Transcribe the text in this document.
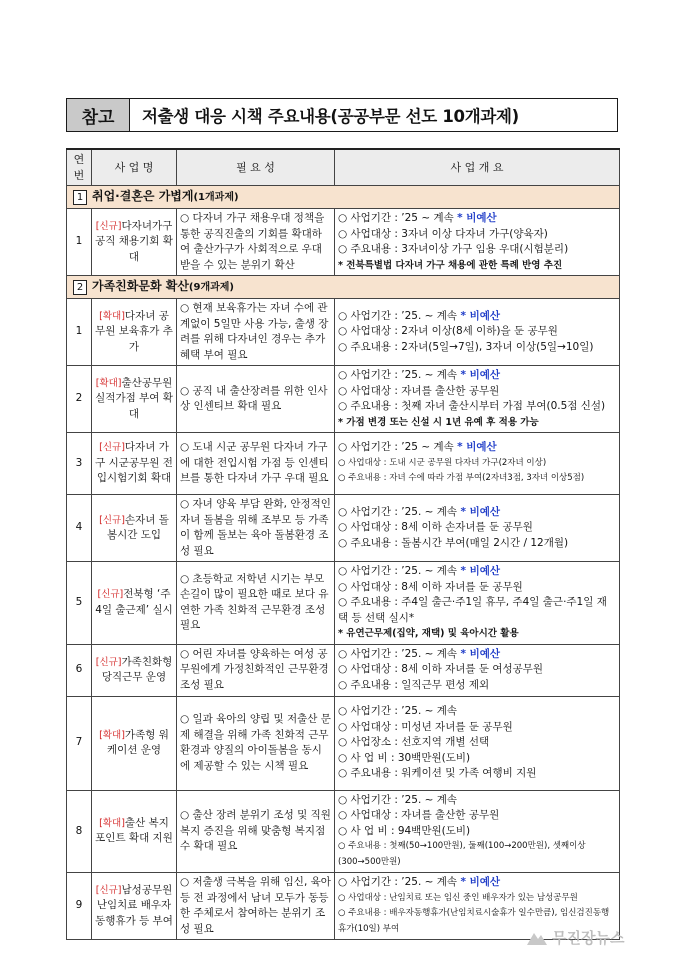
참고	저출생 대응 시책 주요내용(공공부문 선도 10개과제)
연번	사 업 명	필 요 성	사 업 개 요
1 취업·결혼은 가볍게(1개과제)			
1	[신규]다자녀가구 공직 채용기회 확대	○ 다자녀 가구 채용우대 정책을 통한 공직진출의 기회를 확대하여 출산가구가 사회적으로 우대받을 수 있는 분위기 확산	○ 사업기간 : ’25 ~ 계속 * 비예산
○ 사업대상 : 3자녀 이상 다자녀 가구(양육자)
○ 주요내용 : 3자녀이상 가구 임용 우대(시험분리)
* 전북특별법 다자녀 가구 채용에 관한 특례 반영 추진

2 가족친화문화 확산(9개과제)			
1	[확대]다자녀 공무원 보육휴가 추가	○ 현재 보육휴가는 자녀 수에 관계없이 5일만 사용 가능, 출생 장려를 위해 다자녀인 경우는 추가혜택 부여 필요	○ 사업기간 : ’25. ~ 계속 * 비예산
○ 사업대상 : 2자녀 이상(8세 이하)을 둔 공무원
○ 주요내용 : 2자녀(5일→7일), 3자녀 이상(5일→10일)

2	[확대]출산공무원 실적가점 부여 확대	○ 공직 내 출산장려를 위한 인사상 인센티브 확대 필요	○ 사업기간 : ’25. ~ 계속 * 비예산
○ 사업대상 : 자녀를 출산한 공무원
○ 주요내용 : 첫째 자녀 출산시부터 가점 부여(0.5점 신설)
* 가점 변경 또는 신설 시 1년 유예 후 적용 가능

3	[신규]다자녀 가구 시군공무원 전입시험기회 확대	○ 도내 시군 공무원 다자녀 가구에 대한 전입시험 가점 등 인센티브를 통한 다자녀 가구 우대 필요	○ 사업기간 : ’25 ~ 계속 * 비예산
○ 사업대상 : 도내 시군 공무원 다자녀 가구(2자녀 이상)
○ 주요내용 : 자녀 수에 따라 가점 부여(2자녀3점, 3자녀 이상5점)

4	[신규]손자녀 돌봄시간 도입	○ 자녀 양육 부담 완화, 안정적인 자녀 돌봄을 위해 조부모 등 가족이 함께 돌보는 육아 돌봄환경 조성 필요	○ 사업기간 : ’25. ~ 계속 * 비예산
○ 사업대상 : 8세 이하 손자녀를 둔 공무원
○ 주요내용 : 돌봄시간 부여(매일 2시간 / 12개월)

5	[신규]전북형 ‘주4일 출근제’ 실시	○ 초등학교 저학년 시기는 부모 손길이 많이 필요한 때로 보다 유연한 가족 친화적 근무환경 조성 필요	○ 사업기간 : ’25. ~ 계속 * 비예산
○ 사업대상 : 8세 이하 자녀를 둔 공무원
○ 주요내용 : 주4일 출근·주1일 휴무, 주4일 출근·주1일 재택 등 선택 실시*
* 유연근무제(집약, 재택) 및 육아시간 활용

6	[신규]가족친화형 당직근무 운영	○ 어린 자녀를 양육하는 여성 공무원에게 가정친화적인 근무환경 조성 필요	○ 사업기간 : ’25. ~ 계속 * 비예산
○ 사업대상 : 8세 이하 자녀를 둔 여성공무원
○ 주요내용 : 일직근무 편성 제외

7	[확대]가족형 워케이션 운영	○ 일과 육아의 양립 및 저출산 문제 해결을 위해 가족 친화적 근무환경과 양질의 아이돌봄을 동시에 제공할 수 있는 시책 필요	○ 사업기간 : ’25. ~ 계속
○ 사업대상 : 미성년 자녀를 둔 공무원
○ 사업장소 : 선호지역 개별 선택
○ 사 업 비 : 30백만원(도비)
○ 주요내용 : 워케이션 및 가족 여행비 지원

8	[확대]출산 복지포인트 확대 지원	○ 출산 장려 분위기 조성 및 직원 복지 증진을 위해 맞춤형 복지점수 확대 필요	○ 사업기간 : ’25. ~ 계속
○ 사업대상 : 자녀를 출산한 공무원
○ 사 업 비 : 94백만원(도비)
○ 주요내용 : 첫째(50→100만원), 둘째(100→200만원), 셋째이상(300→500만원)

9	[신규]남성공무원 난임치료 배우자 동행휴가 등 부여	○ 저출생 극복을 위해 임신, 육아 등 전 과정에서 남녀 모두가 동등한 주체로서 참여하는 분위기 조성 필요	○ 사업기간 : ’25. ~ 계속 * 비예산
○ 사업대상 : 난임치료 또는 임신 중인 배우자가 있는 남성공무원
○ 주요내용 : 배우자동행휴가(난임치료시술휴가 일수만큼), 임신검진동행휴가(10일) 부여	무진장뉴스
